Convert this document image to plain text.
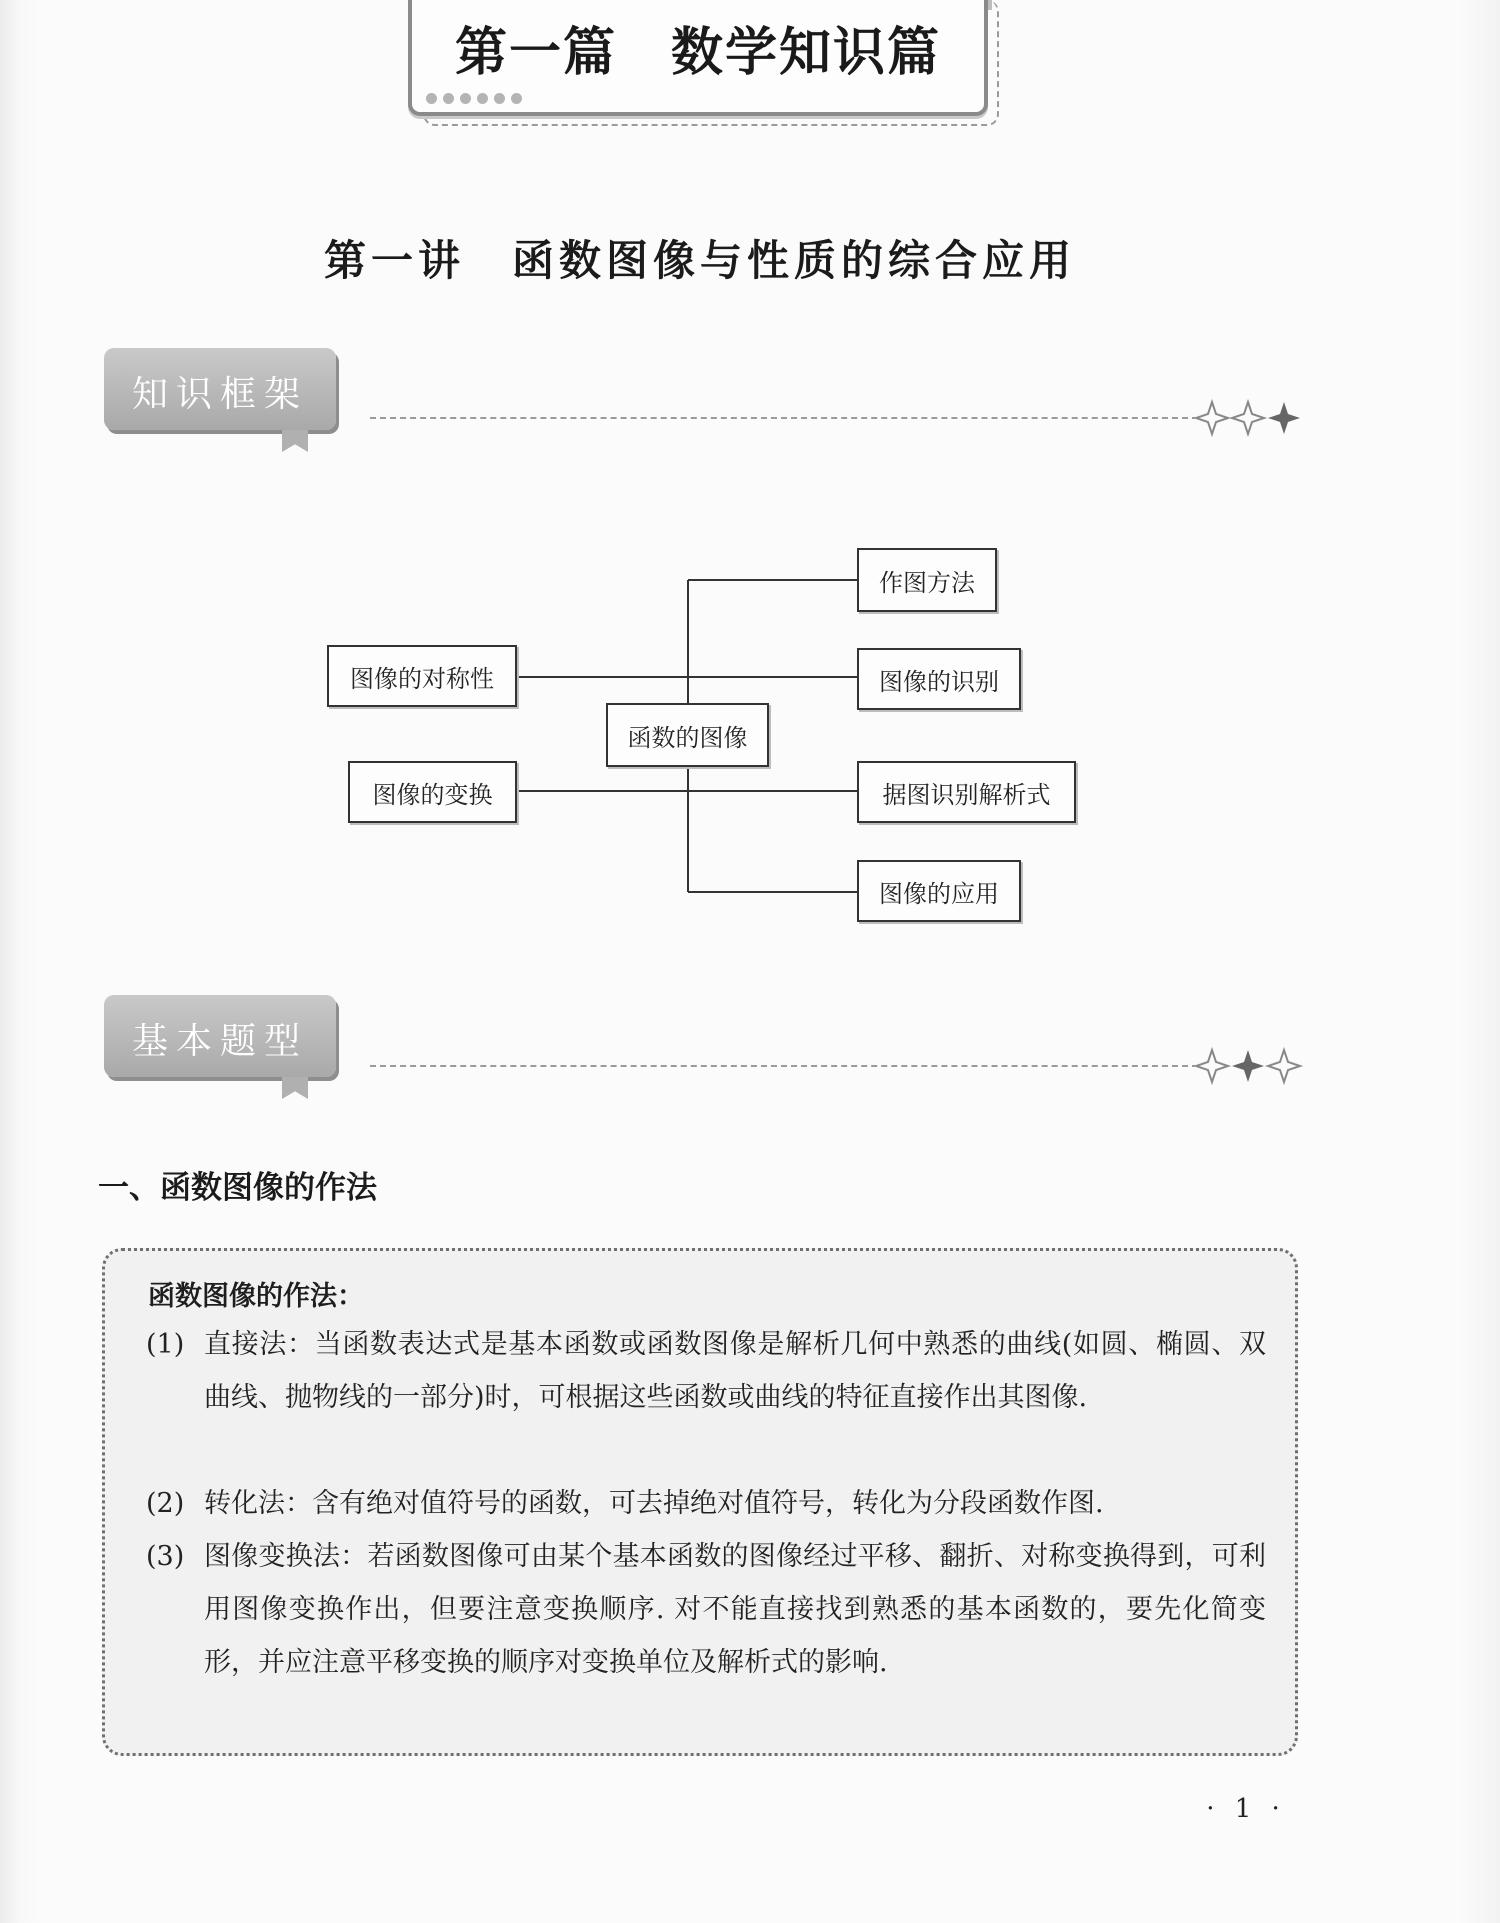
第一篇　数学知识篇
第一讲　函数图像与性质的综合应用
知识框架
图像的对称性
图像的变换
函数的图像
作图方法
图像的识别
据图识别解析式
图像的应用
基本题型
一、函数图像的作法
函数图像的作法：
(1) 直接法：当函数表达式是基本函数或函数图像是解析几何中熟悉的曲线(如圆、椭圆、双曲线、抛物线的一部分)时，可根据这些函数或曲线的特征直接作出其图像.
(2) 转化法：含有绝对值符号的函数，可去掉绝对值符号，转化为分段函数作图.
(3) 图像变换法：若函数图像可由某个基本函数的图像经过平移、翻折、对称变换得到，可利用图像变换作出，但要注意变换顺序. 对不能直接找到熟悉的基本函数的，要先化简变形，并应注意平移变换的顺序对变换单位及解析式的影响.
· 1 ·
